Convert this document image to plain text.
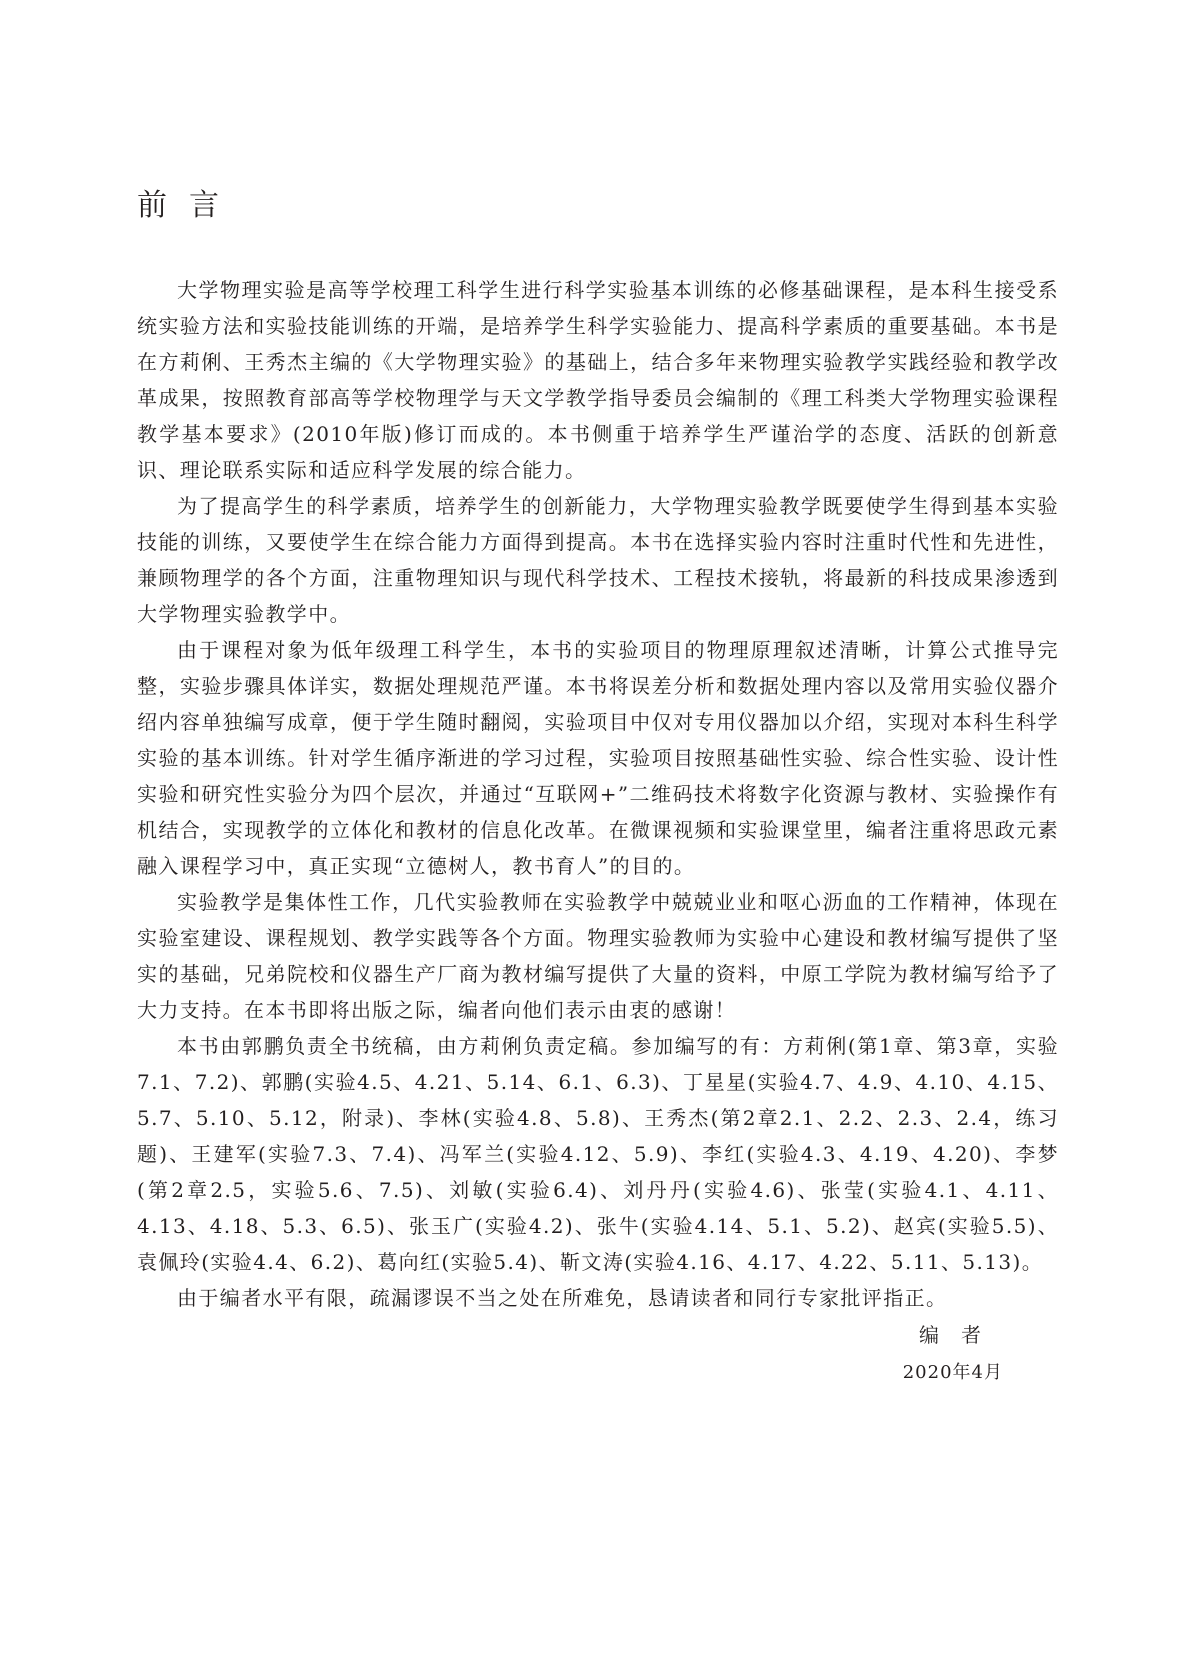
前言

大学物理实验是高等学校理工科学生进行科学实验基本训练的必修基础课程，是本科生接受系统实验方法和实验技能训练的开端，是培养学生科学实验能力、提高科学素质的重要基础。本书是在方莉俐、王秀杰主编的《大学物理实验》的基础上，结合多年来物理实验教学实践经验和教学改革成果，按照教育部高等学校物理学与天文学教学指导委员会编制的《理工科类大学物理实验课程教学基本要求》(2010年版)修订而成的。本书侧重于培养学生严谨治学的态度、活跃的创新意识、理论联系实际和适应科学发展的综合能力。

为了提高学生的科学素质，培养学生的创新能力，大学物理实验教学既要使学生得到基本实验技能的训练，又要使学生在综合能力方面得到提高。本书在选择实验内容时注重时代性和先进性，兼顾物理学的各个方面，注重物理知识与现代科学技术、工程技术接轨，将最新的科技成果渗透到大学物理实验教学中。

由于课程对象为低年级理工科学生，本书的实验项目的物理原理叙述清晰，计算公式推导完整，实验步骤具体详实，数据处理规范严谨。本书将误差分析和数据处理内容以及常用实验仪器介绍内容单独编写成章，便于学生随时翻阅，实验项目中仅对专用仪器加以介绍，实现对本科生科学实验的基本训练。针对学生循序渐进的学习过程，实验项目按照基础性实验、综合性实验、设计性实验和研究性实验分为四个层次，并通过“互联网+”二维码技术将数字化资源与教材、实验操作有机结合，实现教学的立体化和教材的信息化改革。在微课视频和实验课堂里，编者注重将思政元素融入课程学习中，真正实现“立德树人，教书育人”的目的。

实验教学是集体性工作，几代实验教师在实验教学中兢兢业业和呕心沥血的工作精神，体现在实验室建设、课程规划、教学实践等各个方面。物理实验教师为实验中心建设和教材编写提供了坚实的基础，兄弟院校和仪器生产厂商为教材编写提供了大量的资料，中原工学院为教材编写给予了大力支持。在本书即将出版之际，编者向他们表示由衷的感谢！

本书由郭鹏负责全书统稿，由方莉俐负责定稿。参加编写的有：方莉俐(第1章、第3章，实验7.1、7.2)、郭鹏(实验4.5、4.21、5.14、6.1、6.3)、丁星星(实验4.7、4.9、4.10、4.15、5.7、5.10、5.12，附录)、李林(实验4.8、5.8)、王秀杰(第2章2.1、2.2、2.3、2.4，练习题)、王建军(实验7.3、7.4)、冯军兰(实验4.12、5.9)、李红(实验4.3、4.19、4.20)、李梦(第2章2.5，实验5.6、7.5)、刘敏(实验6.4)、刘丹丹(实验4.6)、张莹(实验4.1、4.11、4.13、4.18、5.3、6.5)、张玉广(实验4.2)、张牛(实验4.14、5.1、5.2)、赵宾(实验5.5)、袁佩玲(实验4.4、6.2)、葛向红(实验5.4)、靳文涛(实验4.16、4.17、4.22、5.11、5.13)。

由于编者水平有限，疏漏谬误不当之处在所难免，恳请读者和同行专家批评指正。

编者

2020年4月
